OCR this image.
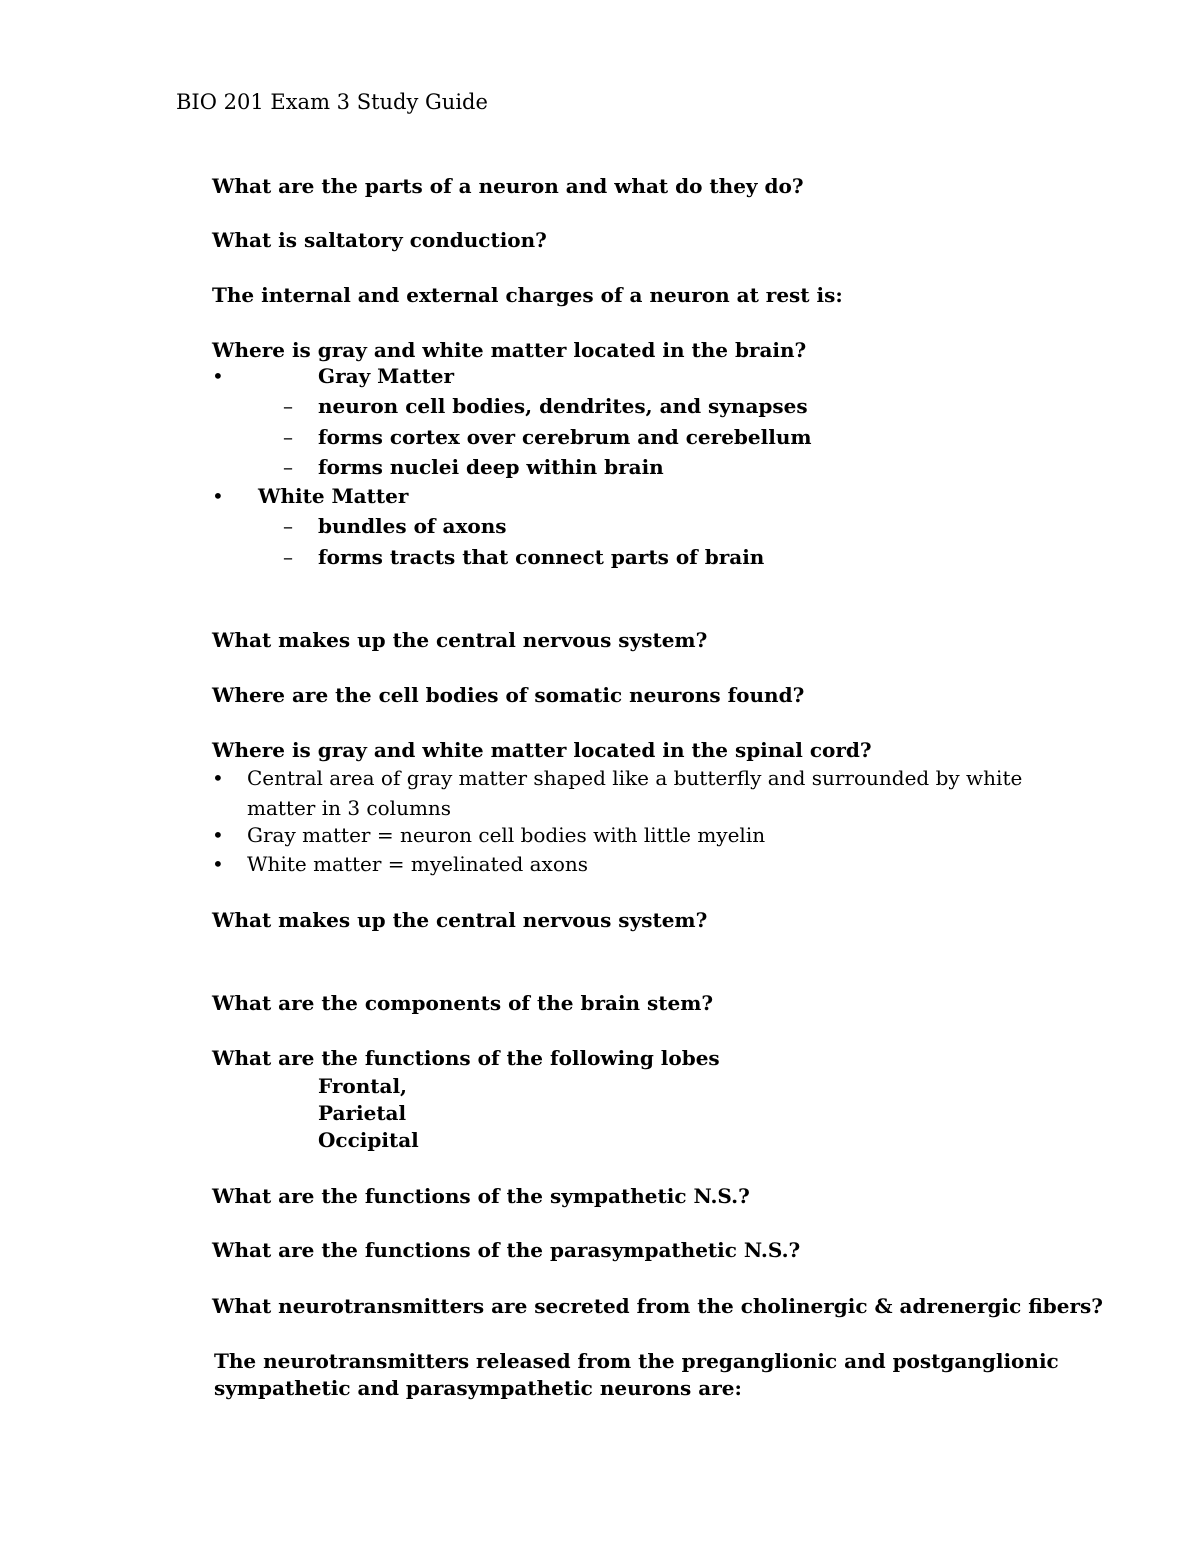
BIO 201 Exam 3 Study Guide
What are the parts of a neuron and what do they do?
What is saltatory conduction?
The internal and external charges of a neuron at rest is:
Where is gray and white matter located in the brain?
•	Gray Matter
– neuron cell bodies, dendrites, and synapses
– forms cortex over cerebrum and cerebellum
– forms nuclei deep within brain
• White Matter
– bundles of axons
– forms tracts that connect parts of brain
What makes up the central nervous system?
Where are the cell bodies of somatic neurons found?
Where is gray and white matter located in the spinal cord?
• Central area of gray matter shaped like a butterfly and surrounded by white
matter in 3 columns
• Gray matter = neuron cell bodies with little myelin
• White matter = myelinated axons
What makes up the central nervous system?
What are the components of the brain stem?
What are the functions of the following lobes
Frontal,
Parietal
Occipital
What are the functions of the sympathetic N.S.?
What are the functions of the parasympathetic N.S.?
What neurotransmitters are secreted from the cholinergic & adrenergic fibers?
The neurotransmitters released from the preganglionic and postganglionic
sympathetic and parasympathetic neurons are:
